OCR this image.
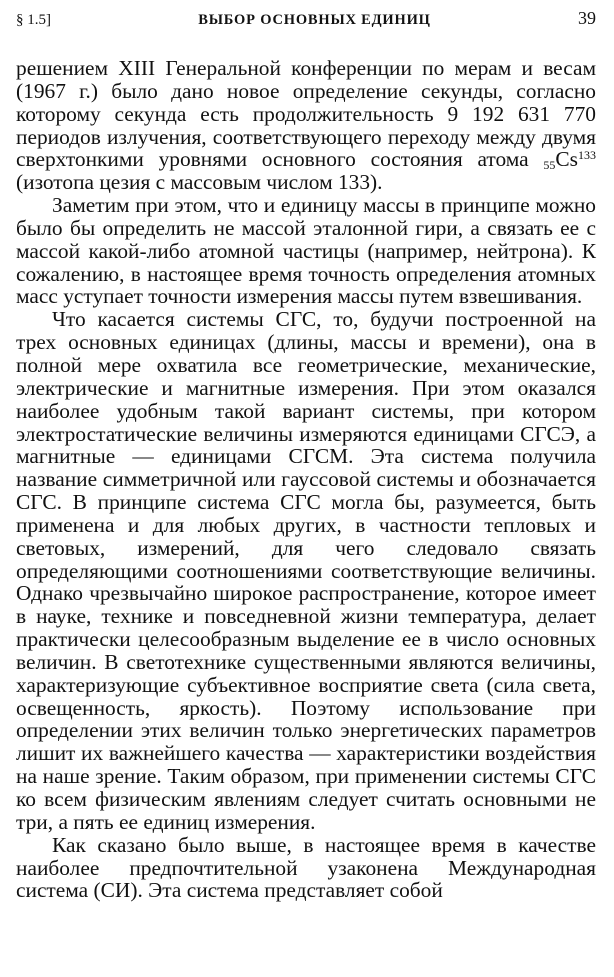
§ 1.5]	ВЫБОР ОСНОВНЫХ ЕДИНИЦ	39

решением XIII Генеральной конференции по мерам и весам (1967 г.) было дано новое определение секунды, согласно которому секунда есть продолжительность 9 192 631 770 периодов излучения, соответствующего переходу между двумя сверхтонкими уровнями основного состояния атома $_{55}Cs^{133}$ (изотопа цезия с массовым числом 133).

Заметим при этом, что и единицу массы в принципе можно было бы определить не массой эталонной гири, а связать ее с массой какой-либо атомной частицы (например, нейтрона). К сожалению, в настоящее время точность определения атомных масс уступает точности измерения массы путем взвешивания.

Что касается системы СГС, то, будучи построенной на трех основных единицах (длины, массы и времени), она в полной мере охватила все геометрические, механические, электрические и магнитные измерения. При этом оказался наиболее удобным такой вариант системы, при котором электростатические величины измеряются единицами СГСЭ, а магнитные — единицами СГСМ. Эта система получила название симметричной или гауссовой системы и обозначается СГС. В принципе система СГС могла бы, разумеется, быть применена и для любых других, в частности тепловых и световых, измерений, для чего следовало связать определяющими соотношениями соответствующие величины. Однако чрезвычайно широкое распространение, которое имеет в науке, технике и повседневной жизни температура, делает практически целесообразным выделение ее в число основных величин. В светотехнике существенными являются величины, характеризующие субъективное восприятие света (сила света, освещенность, яркость). Поэтому использование при определении этих величин только энергетических параметров лишит их важнейшего качества — характеристики воздействия на наше зрение. Таким образом, при применении системы СГС ко всем физическим явлениям следует считать основными не три, а пять ее единиц измерения.

Как сказано было выше, в настоящее время в качестве наиболее предпочтительной узаконена Международная система (СИ). Эта система представляет собой
